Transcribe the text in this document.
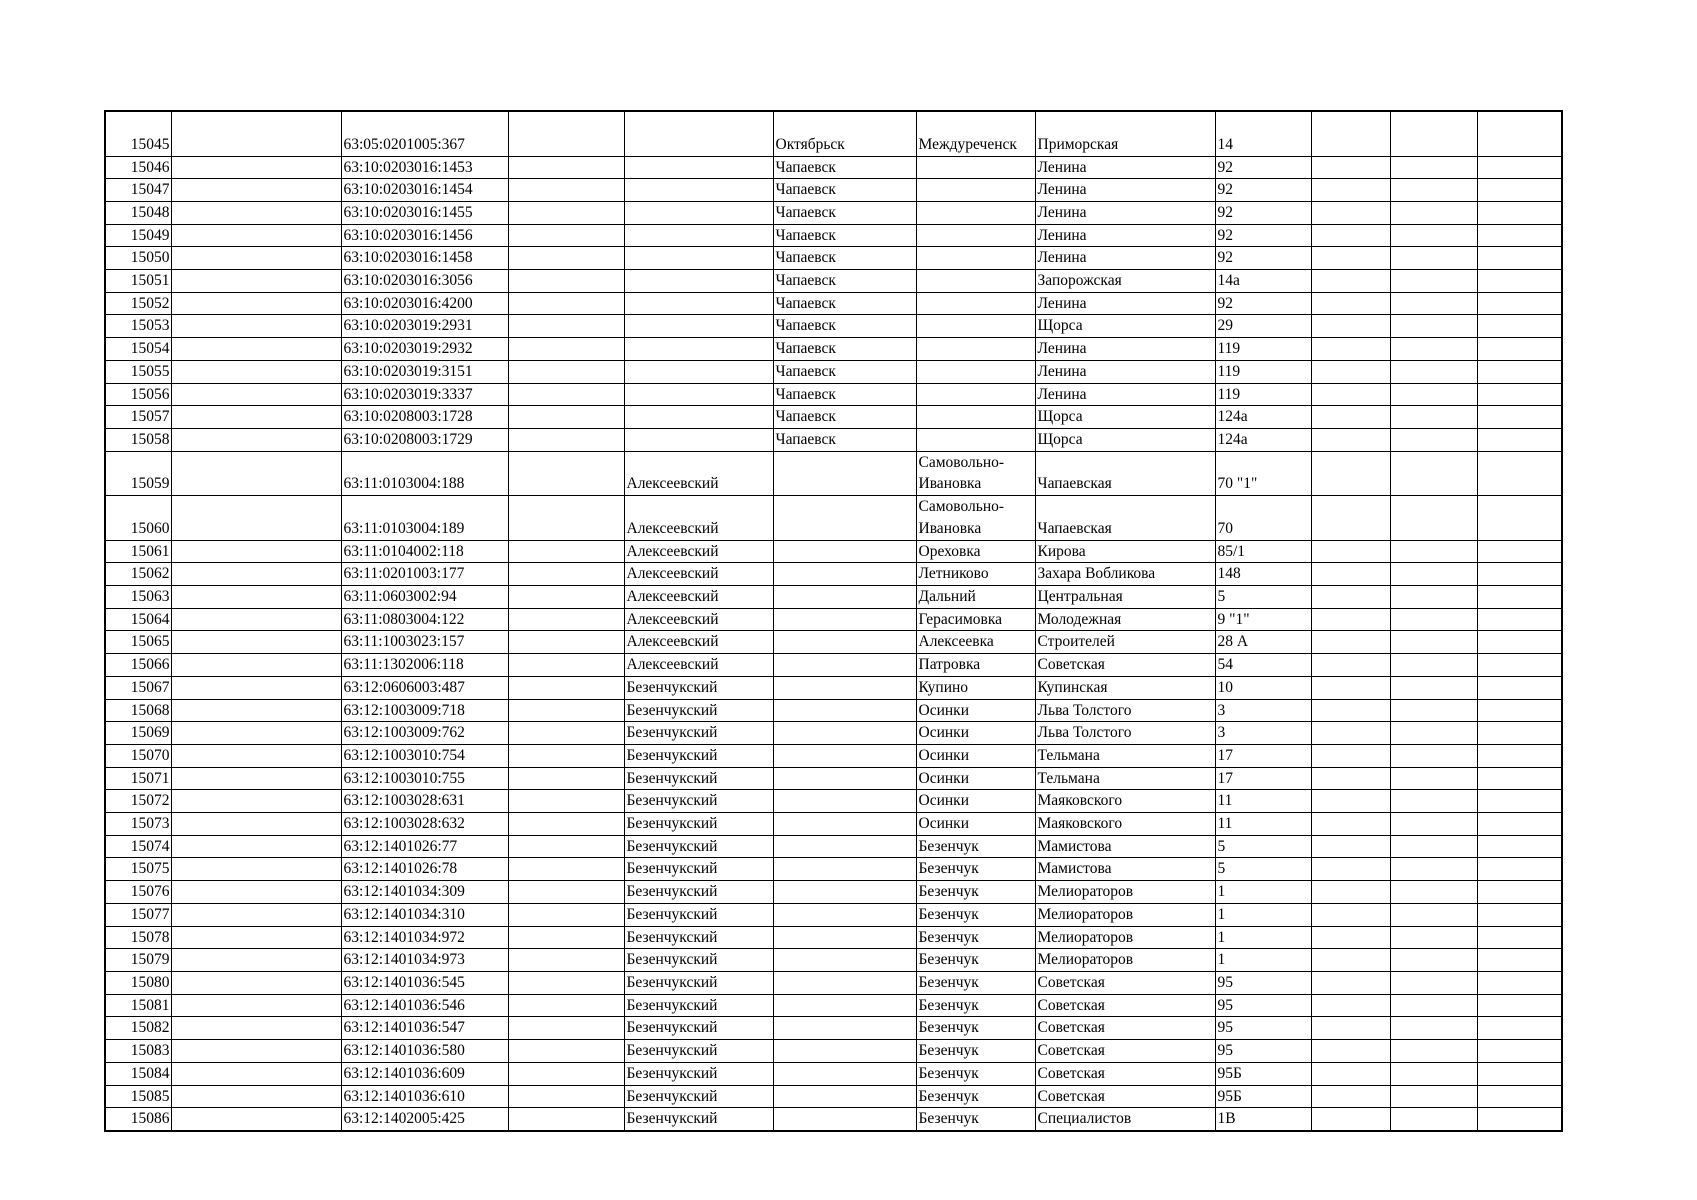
15045		63:05:0201005:367			Октябрьск	Междуреченск	Приморская	14			
15046		63:10:0203016:1453			Чапаевск		Ленина	92			
15047		63:10:0203016:1454			Чапаевск		Ленина	92			
15048		63:10:0203016:1455			Чапаевск		Ленина	92			
15049		63:10:0203016:1456			Чапаевск		Ленина	92			
15050		63:10:0203016:1458			Чапаевск		Ленина	92			
15051		63:10:0203016:3056			Чапаевск		Запорожская	14а			
15052		63:10:0203016:4200			Чапаевск		Ленина	92			
15053		63:10:0203019:2931			Чапаевск		Щорса	29			
15054		63:10:0203019:2932			Чапаевск		Ленина	119			
15055		63:10:0203019:3151			Чапаевск		Ленина	119			
15056		63:10:0203019:3337			Чапаевск		Ленина	119			
15057		63:10:0208003:1728			Чапаевск		Щорса	124а			
15058		63:10:0208003:1729			Чапаевск		Щорса	124а			
15059		63:11:0103004:188		Алексеевский		Самовольно-Ивановка	Чапаевская	70 "1"			
15060		63:11:0103004:189		Алексеевский		Самовольно-Ивановка	Чапаевская	70			
15061		63:11:0104002:118		Алексеевский		Ореховка	Кирова	85/1			
15062		63:11:0201003:177		Алексеевский		Летниково	Захара Вобликова	148			
15063		63:11:0603002:94		Алексеевский		Дальний	Центральная	5			
15064		63:11:0803004:122		Алексеевский		Герасимовка	Молодежная	9 "1"			
15065		63:11:1003023:157		Алексеевский		Алексеевка	Строителей	28 А			
15066		63:11:1302006:118		Алексеевский		Патровка	Советская	54			
15067		63:12:0606003:487		Безенчукский		Купино	Купинская	10			
15068		63:12:1003009:718		Безенчукский		Осинки	Льва Толстого	3			
15069		63:12:1003009:762		Безенчукский		Осинки	Льва Толстого	3			
15070		63:12:1003010:754		Безенчукский		Осинки	Тельмана	17			
15071		63:12:1003010:755		Безенчукский		Осинки	Тельмана	17			
15072		63:12:1003028:631		Безенчукский		Осинки	Маяковского	11			
15073		63:12:1003028:632		Безенчукский		Осинки	Маяковского	11			
15074		63:12:1401026:77		Безенчукский		Безенчук	Мамистова	5			
15075		63:12:1401026:78		Безенчукский		Безенчук	Мамистова	5			
15076		63:12:1401034:309		Безенчукский		Безенчук	Мелиораторов	1			
15077		63:12:1401034:310		Безенчукский		Безенчук	Мелиораторов	1			
15078		63:12:1401034:972		Безенчукский		Безенчук	Мелиораторов	1			
15079		63:12:1401034:973		Безенчукский		Безенчук	Мелиораторов	1			
15080		63:12:1401036:545		Безенчукский		Безенчук	Советская	95			
15081		63:12:1401036:546		Безенчукский		Безенчук	Советская	95			
15082		63:12:1401036:547		Безенчукский		Безенчук	Советская	95			
15083		63:12:1401036:580		Безенчукский		Безенчук	Советская	95			
15084		63:12:1401036:609		Безенчукский		Безенчук	Советская	95Б			
15085		63:12:1401036:610		Безенчукский		Безенчук	Советская	95Б			
15086		63:12:1402005:425		Безенчукский		Безенчук	Специалистов	1В			
